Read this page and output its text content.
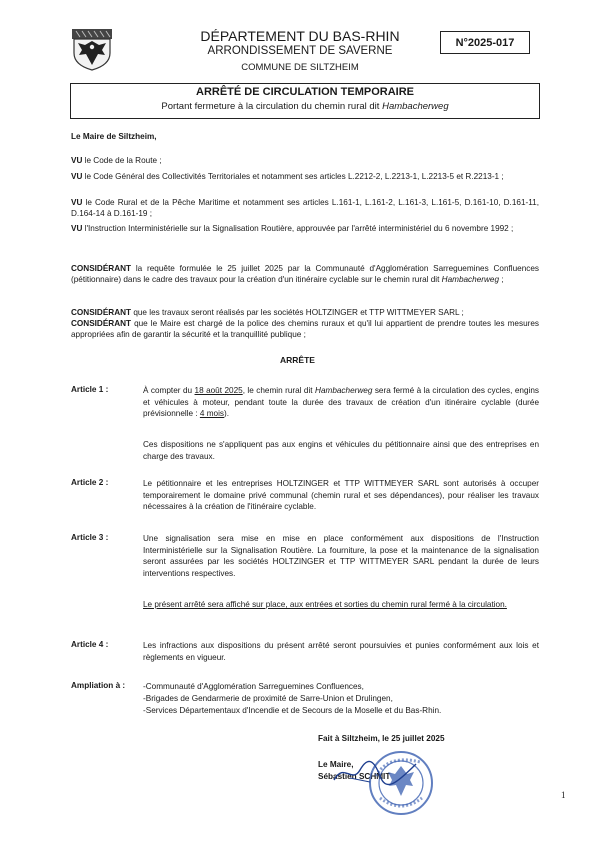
DÉPARTEMENT DU BAS-RHIN
ARRONDISSEMENT DE SAVERNE
COMMUNE DE SILTZHEIM
N°2025-017
ARRÊTÉ DE CIRCULATION TEMPORAIRE
Portant fermeture à la circulation du chemin rural dit Hambacherweg
Le Maire de Siltzheim,
VU le Code de la Route ;
VU le Code Général des Collectivités Territoriales et notamment ses articles L.2212-2, L.2213-1, L.2213-5 et R.2213-1 ;
VU le Code Rural et de la Pêche Maritime et notamment ses articles L.161-1, L.161-2, L.161-3, L.161-5, D.161-10, D.161-11, D.164-14 à D.161-19 ;
VU l'Instruction Interministérielle sur la Signalisation Routière, approuvée par l'arrêté interministériel du 6 novembre 1992 ;
CONSIDÉRANT la requête formulée le 25 juillet 2025 par la Communauté d'Agglomération Sarreguemines Confluences (pétitionnaire) dans le cadre des travaux pour la création d'un itinéraire cyclable sur le chemin rural dit Hambacherweg ;
CONSIDÉRANT que les travaux seront réalisés par les sociétés HOLTZINGER et TTP WITTMEYER SARL ;
CONSIDÉRANT que le Maire est chargé de la police des chemins ruraux et qu'il lui appartient de prendre toutes les mesures appropriées afin de garantir la sécurité et la tranquillité publique ;
ARRÊTE
Article 1 :	À compter du 18 août 2025, le chemin rural dit Hambacherweg sera fermé à la circulation des cycles, engins et véhicules à moteur, pendant toute la durée des travaux de création d'un itinéraire cyclable (durée prévisionnelle : 4 mois).
Ces dispositions ne s'appliquent pas aux engins et véhicules du pétitionnaire ainsi que des entreprises en charge des travaux.
Article 2 :	Le pétitionnaire et les entreprises HOLTZINGER et TTP WITTMEYER SARL sont autorisés à occuper temporairement le domaine privé communal (chemin rural et ses dépendances), pour réaliser les travaux nécessaires à la création de l'itinéraire cyclable.
Article 3 :	Une signalisation sera mise en mise en place conformément aux dispositions de l'Instruction Interministérielle sur la Signalisation Routière. La fourniture, la pose et la maintenance de la signalisation seront assurées par les sociétés HOLTZINGER et TTP WITTMEYER SARL pendant la durée de leurs interventions respectives.
Le présent arrêté sera affiché sur place, aux entrées et sorties du chemin rural fermé à la circulation.
Article 4 :	Les infractions aux dispositions du présent arrêté seront poursuivies et punies conformément aux lois et règlements en vigueur.
Ampliation à : -Communauté d'Agglomération Sarreguemines Confluences,
-Brigades de Gendarmerie de proximité de Sarre-Union et Drulingen,
-Services Départementaux d'Incendie et de Secours de la Moselle et du Bas-Rhin.
Fait à Siltzheim, le 25 juillet 2025
Le Maire,
Sébastien SCHMIT
1
